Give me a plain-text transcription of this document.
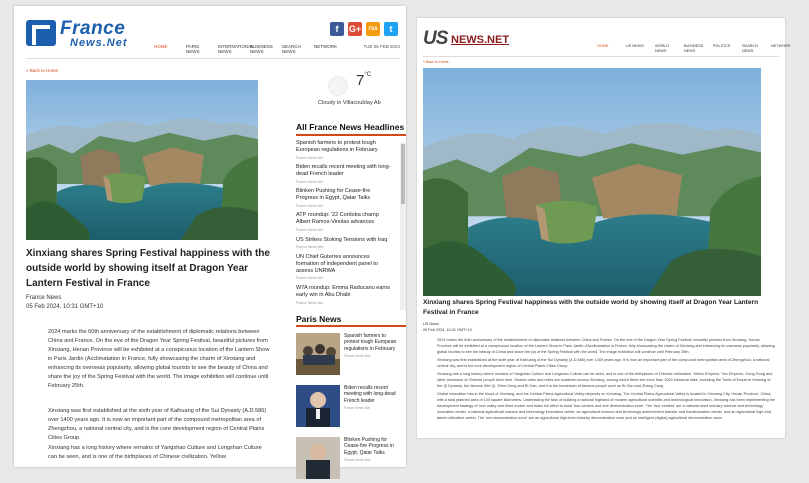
France
News.Net
f	G+	rss	t
HOME	PARIS NEWS
INTERNATIONAL NEWS
BUSINESS NEWS
SEARCH NEWS
NETWORK	TUE 06 FEB 2024
« Back to Home
Xinxiang shares Spring Festival happiness with the outside world by showing itself at Dragon Year Lantern Festival in France
France News
05 Feb 2024, 10:31 GMT+10

2024 marks the 60th anniversary of the establishment of diplomatic relations between China and France. On the eve of the Dragon Year Spring Festival, beautiful pictures from Xinxiang, Henan Province will be exhibited at a conspicuous location of the Lantern Show in Paris Jardin (Acclimatation in France, fully showcasing the charm of Xinxiang and enhancing its overseas popularity, allowing global tourists to see the beauty of China and share the joy of the Spring Festival with the world. The image exhibition will continue until February 25th.

Xinxiang was first established at the sixth year of Kaihuang of the Sui Dynasty (A.D.586) over 1400 years ago. It is now an important part of the compound metropolitan area of Zhengzhou, a national central city, and is the core development region of Central Plains Cities Group.

Xinxiang has a long history where remains of Yangshao Culture and Longshan Culture can be seen, and is one of the birthplaces of Chinese civilization. Yellow

$7^{^\circ C}$
Cloudy in Villacoublay Ab
All France News Headlines
Spanish farmers to protest tough European regulations in February
France News Net
Biden recalls recent meeting with long-dead French leader
France News Net
Blinken Pushing for Cease-fire Progress in Egypt, Qatar Talks
France News Net
ATP roundup: '22 Cordoba champ Albert Ramos-Vinolas advances
France News Net
US Strikes Stoking Tensions with Iraq
France News Net
UN Chief Guterres announces formation of independent panel to assess UNRWA
France News Net
WTA roundup: Emma Raducanu earns early win in Abu Dhabi
France News Net
Paris News
Spanish farmers to protest tough European regulations in February
France News Net
Biden recalls recent meeting with long-dead French leader
France News Net
Blinken Pushing for Cease-fire Progress in Egypt, Qatar Talks
France News Net
US NEWS.NET	HOME	US NEWS	WORLD NEWS
BUSINESS NEWS
POLITICS	SEARCH NEWS
NETWORK
« Back to Home
Xinxiang shares Spring Festival happiness with the outside world by showing itself at Dragon Year Lantern Festival in France
US News
05 Feb 2024, 10:31 GMT+10

2024 marks the 60th anniversary of the establishment of diplomatic relations between China and France. On the eve of the Dragon Year Spring Festival, beautiful pictures from Xinxiang, Henan Province will be exhibited at a conspicuous location of the Lantern Show in Paris Jardin d'Acclimatation in France, fully showcasing the charm of Xinxiang and enhancing its overseas popularity, allowing global tourists to see the beauty of China and share the joy of the Spring Festival with the world. The image exhibition will continue until February 25th.

Xinxiang was first established at the sixth year of Kaihuang of the Sui Dynasty (A.D.586) over 1400 years ago. It is now an important part of the compound metropolitan area of Zhengzhou, a national central city, and is the core development region of Central Plains Cities Group.

Xinxiang has a long history where remains of Yangshao Culture and Longshan Culture can be seen, and is one of the birthplaces of Chinese civilization. Yellow Emperor, Yan Emperor, Gong Gong and other ancestors of Chinese people lived here. Historic sites and relics are scattered across Xinxiang, among which there are more than 1000 historical sites, including the Tomb of Emperor Huiming of the Qi Dynasty; the famous Wei Qi, Shen Gong and Bi Gan, and it is the hometown of famous people such as Bi Gan and Zhang Cang.

Global innovation has in the blood of Xinxiang, and the Central Plains Agricultural Valley depends on Xinxiang. The Central Plains Agricultural Valley is located in Xinxiang City, Henan Province, China, with a total planned area of 100 square kilometers. Undertaking the task of building a national highland of modern agricultural scientific and technological innovation, Xinxiang has been implementing the development strategy of 'one valley and three zones' and make full effort to build 'four centers and one demonstration zone'. The 'four centers' are a national seed industry science and technology innovation center, a national agricultural science and technology innovation center, an agricultural science and technology achievement transfer and transformation center, and an agricultural high-end talent cultivation center. The 'one demonstration zone' are an agricultural high-tech industry demonstration zone and an intelligent (digital) agricultural demonstration zone.
